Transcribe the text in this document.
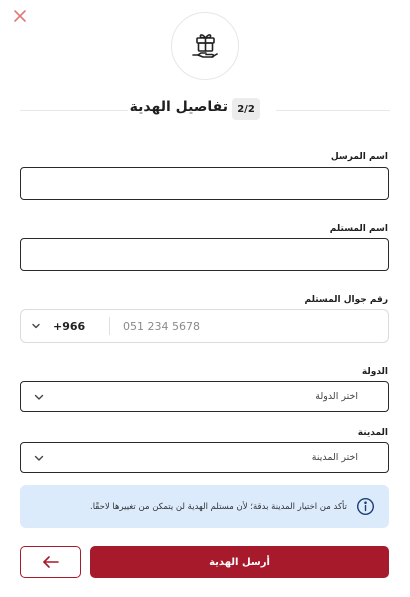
تفاصيل الهدية 2/2
اسم المرسل
اسم المستلم
رقم جوال المستلم
+966
051 234 5678
الدولة
اختر الدولة
المدينة
اختر المدينة
تأكد من اختيار المدينة بدقة؛ لأن مستلم الهدية لن يتمكن من تغييرها لاحقًا.
أرسل الهدية
